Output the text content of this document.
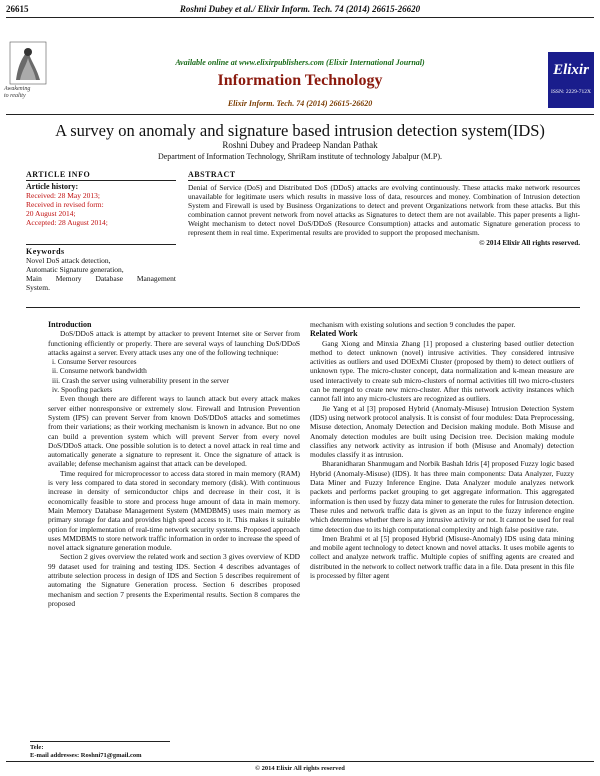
26615	Roshni Dubey et al./ Elixir Inform. Tech. 74 (2014) 26615-26620
Awakening
to reality
Available online at www.elixirpublishers.com (Elixir International Journal)
Information Technology
Elixir Inform. Tech. 74 (2014) 26615-26620
Elixir
ISSN: 2229-712X
A survey on anomaly and signature based intrusion detection system(IDS)
Roshni Dubey and Pradeep Nandan Pathak
Department of Information Technology, ShriRam institute of technology Jabalpur (M.P).
ARTICLE INFO
Article history:
Received: 28 May 2013;
Received in revised form:
20 August 2014;
Accepted: 28 August 2014;
Keywords
Novel DoS attack detection,
Automatic Signature generation,
Main Memory Database Management
System.
ABSTRACT

Denial of Service (DoS) and Distributed DoS (DDoS) attacks are evolving continuously. These attacks make network resources unavailable for legitimate users which results in massive loss of data, resources and money. Combination of Intrusion detection System and Firewall is used by Business Organizations to detect and prevent Organizations network from these attacks. But this combination cannot prevent network from novel attacks as Signatures to detect them are not available. This paper presents a light-Weight mechanism to detect novel DoS/DDoS (Resource Consumption) attacks and automatic Signature generation process to represent them in real time. Experimental results are provided to support the proposed mechanism.

© 2014 Elixir All rights reserved.
Introduction

DoS/DDoS attack is attempt by attacker to prevent Internet site or Server from functioning efficiently or properly. There are several ways of launching DoS/DDoS attacks against a server. Every attack uses any one of the following technique:

i. Consume Server resources
ii. Consume network bandwidth
iii. Crash the server using vulnerability present in the server
iv. Spoofing packets

Even though there are different ways to launch attack but every attack makes server either nonresponsive or extremely slow. Firewall and Intrusion Prevention System (IPS) can prevent Server from known DoS/DDoS attacks and sometimes from their variations; as their working mechanism is known in advance. But no one can build a prevention system which will prevent Server from every novel DoS/DDoS attack. One possible solution is to detect a novel attack in real time and automatically generate a signature to represent it. Once the signature of attack is available; defense mechanism against that attack can be developed.

Time required for microprocessor to access data stored in main memory (RAM) is very less compared to data stored in secondary memory (disk). With continuous increase in density of semiconductor chips and decrease in their cost, it is economically feasible to store and process huge amount of data in main memory. Main Memory Database Management System (MMDBMS) uses main memory as primary storage for data and provides high speed access to it. This makes it suitable option for implementation of real-time network security systems. Proposed approach uses MMDBMS to store network traffic information in order to increase the speed of novel attack signature generation module.

Section 2 gives overview the related work and section 3 gives overview of KDD 99 dataset used for training and testing IDS. Section 4 describes advantages of attribute selection process in design of IDS and Section 5 describes requirement of automating the Signature Generation process. Section 6 describes proposed mechanism and section 7 presents the Experimental results. Section 8 compares the proposed

mechanism with existing solutions and section 9 concludes the paper.
Related Work

Gang Xiong and Minxia Zhang [1] proposed a clustering based outlier detection method to detect unknown (novel) intrusive activities. They considered intrusive activities as outliers and used DOExMi Cluster (proposed by them) to detect outliers of unknown type. The micro-cluster concept, data normalization and k-mean measure are used interactively to create sub micro-clusters of normal activities till two micro-clusters can be merged to create new micro-cluster. After this network activity instances which cannot fall into any micro-clusters are recognized as outliers.

Jie Yang et al [3] proposed Hybrid (Anomaly-Misuse) Intrusion Detection System (IDS) using network protocol analysis. It is consist of four modules: Data Preprocessing, Misuse detection, Anomaly Detection and Decision making module. Both Misuse and Anomaly detection modules are built using Decision tree. Decision making module classifies any network activity as intrusion if both (Misuse and Anomaly) detection modules classify it as intrusion.

Bharanidharan Shanmugam and Norbik Bashah Idris [4] proposed Fuzzy logic based Hybrid (Anomaly-Misuse) (IDS). It has three main components: Data Analyzer, Fuzzy Data Miner and Fuzzy Inference Engine. Data Analyzer module analyzes network packets and performs packet grouping to get aggregate information. This aggregated information is then used by fuzzy data miner to generate the rules for Intrusion detection. These rules and network traffic data is given as an input to the fuzzy inference engine which determines whether there is any intrusive activity or not. It cannot be used for real time detection due to its high computational complexity and high false positive rate.

Imen Brahmi et al [5] proposed Hybrid (Misuse-Anomaly) IDS using data mining and mobile agent technology to detect known and novel attacks. It uses mobile agents to collect and analyze network traffic. Multiple copies of sniffing agents are created and distributed in the network to collect network traffic data in a file. Data present in this file is processed by filter agent

Tele:
E-mail addresses: Roshni71@gmail.com
© 2014 Elixir All rights reserved
